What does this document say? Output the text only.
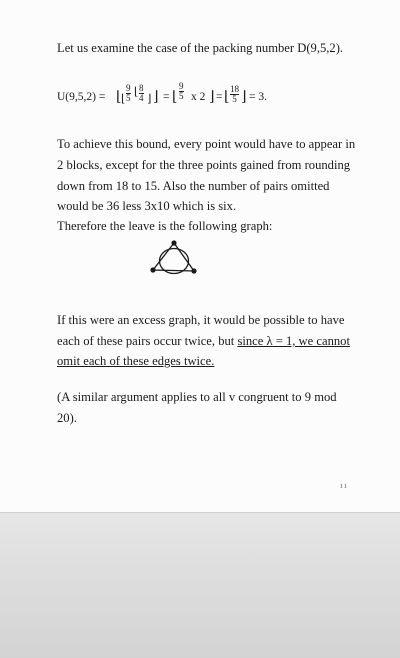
Let us examine the case of the packing number D(9,5,2).
U(9,5,2) = ⌊ ⌊ $\frac{9}{5}$ ⌊ $\frac{8}{4}$ ⌋ ⌋ = ⌊ $\frac{9}{5}$ x 2 ⌋ = ⌊ $\frac{18}{5}$ ⌋ = 3.
To achieve this bound, every point would have to appear in
2 blocks, except for the three points gained from rounding
down from 18 to 15. Also the number of pairs omitted
would be 36 less 3x10 which is six.
Therefore the leave is the following graph:
If this were an excess graph, it would be possible to have
each of these pairs occur twice, but since λ = 1, we cannot
omit each of these edges twice.
(A similar argument applies to all v congruent to 9 mod
20).
11
